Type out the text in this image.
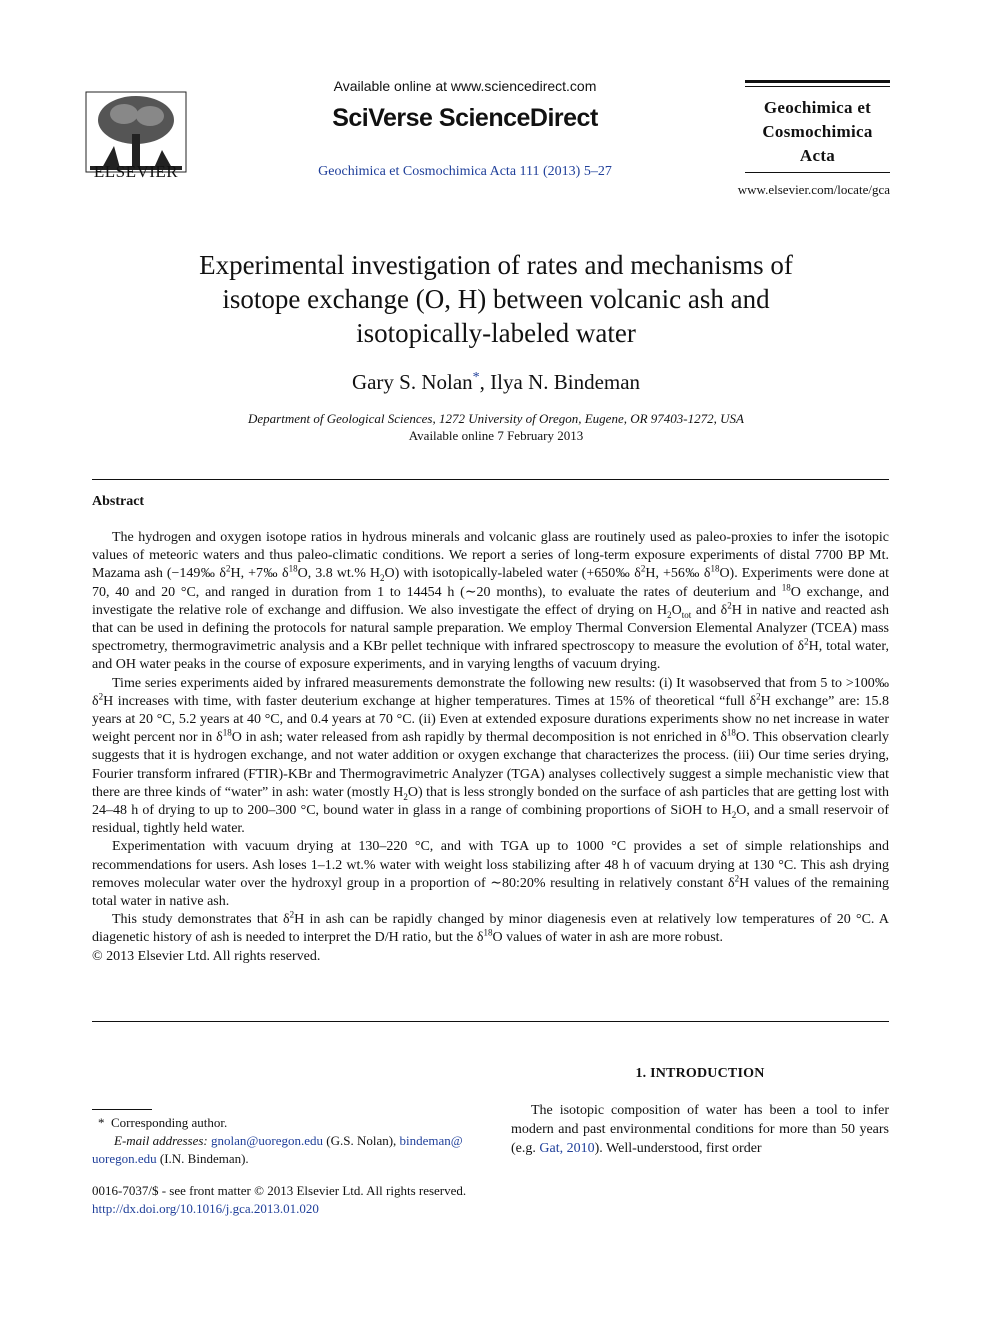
ELSEVIER
Available online at www.sciencedirect.com
SciVerse ScienceDirect
Geochimica et Cosmochimica Acta 111 (2013) 5–27
Geochimica et
Cosmochimica
Acta
www.elsevier.com/locate/gca
Experimental investigation of rates and mechanisms of
isotope exchange (O, H) between volcanic ash and
isotopically-labeled water
Gary S. Nolan*, Ilya N. Bindeman
Department of Geological Sciences, 1272 University of Oregon, Eugene, OR 97403-1272, USA
Available online 7 February 2013
Abstract

The hydrogen and oxygen isotope ratios in hydrous minerals and volcanic glass are routinely used as paleo-proxies to infer the isotopic values of meteoric waters and thus paleo-climatic conditions. We report a series of long-term exposure experiments of distal 7700 BP Mt. Mazama ash (−149‰ $\delta^2H$, +7‰ $\delta^{18}O$, 3.8 wt.% $H_2O$) with isotopically-labeled water (+650‰ $\delta^2H$, +56‰ $\delta^{18}O$). Experiments were done at 70, 40 and 20 °C, and ranged in duration from 1 to 14454 h (∼20 months), to evaluate the rates of deuterium and $^{18}$O exchange, and investigate the relative role of exchange and diffusion. We also investigate the effect of drying on $H_2O_{tot}$ and $\delta^2H$ in native and reacted ash that can be used in defining the protocols for natural sample preparation. We employ Thermal Conversion Elemental Analyzer (TCEA) mass spectrometry, thermogravimetric analysis and a KBr pellet technique with infrared spectroscopy to measure the evolution of $\delta^2H$, total water, and OH water peaks in the course of exposure experiments, and in varying lengths of vacuum drying.

Time series experiments aided by infrared measurements demonstrate the following new results: (i) It wasobserved that from 5 to >100‰ $\delta^2H$ increases with time, with faster deuterium exchange at higher temperatures. Times at 15% of theoretical “full $\delta^2H$ exchange” are: 15.8 years at 20 °C, 5.2 years at 40 °C, and 0.4 years at 70 °C. (ii) Even at extended exposure durations experiments show no net increase in water weight percent nor in $\delta^{18}O$ in ash; water released from ash rapidly by thermal decomposition is not enriched in $\delta^{18}O$. This observation clearly suggests that it is hydrogen exchange, and not water addition or oxygen exchange that characterizes the process. (iii) Our time series drying, Fourier transform infrared (FTIR)-KBr and Thermogravimetric Analyzer (TGA) analyses collectively suggest a simple mechanistic view that there are three kinds of “water” in ash: water (mostly $H_2O$) that is less strongly bonded on the surface of ash particles that are getting lost with 24–48 h of drying to up to 200–300 °C, bound water in glass in a range of combining proportions of SiOH to $H_2O$, and a small reservoir of residual, tightly held water.

Experimentation with vacuum drying at 130–220 °C, and with TGA up to 1000 °C provides a set of simple relationships and recommendations for users. Ash loses 1–1.2 wt.% water with weight loss stabilizing after 48 h of vacuum drying at 130 °C. This ash drying removes molecular water over the hydroxyl group in a proportion of ∼80:20% resulting in relatively constant $\delta^2H$ values of the remaining total water in native ash.

This study demonstrates that $\delta^2H$ in ash can be rapidly changed by minor diagenesis even at relatively low temperatures of 20 °C. A diagenetic history of ash is needed to interpret the D/H ratio, but the $\delta^{18}O$ values of water in ash are more robust.
© 2013 Elsevier Ltd. All rights reserved.

1. INTRODUCTION
The isotopic composition of water has been a tool to infer modern and past environmental conditions for more than 50 years (e.g. Gat, 2010). Well-understood, first order
* Corresponding author.
E-mail addresses: gnolan@uoregon.edu (G.S. Nolan), bindeman@
uoregon.edu (I.N. Bindeman).
0016-7037/$ - see front matter © 2013 Elsevier Ltd. All rights reserved.
http://dx.doi.org/10.1016/j.gca.2013.01.020
